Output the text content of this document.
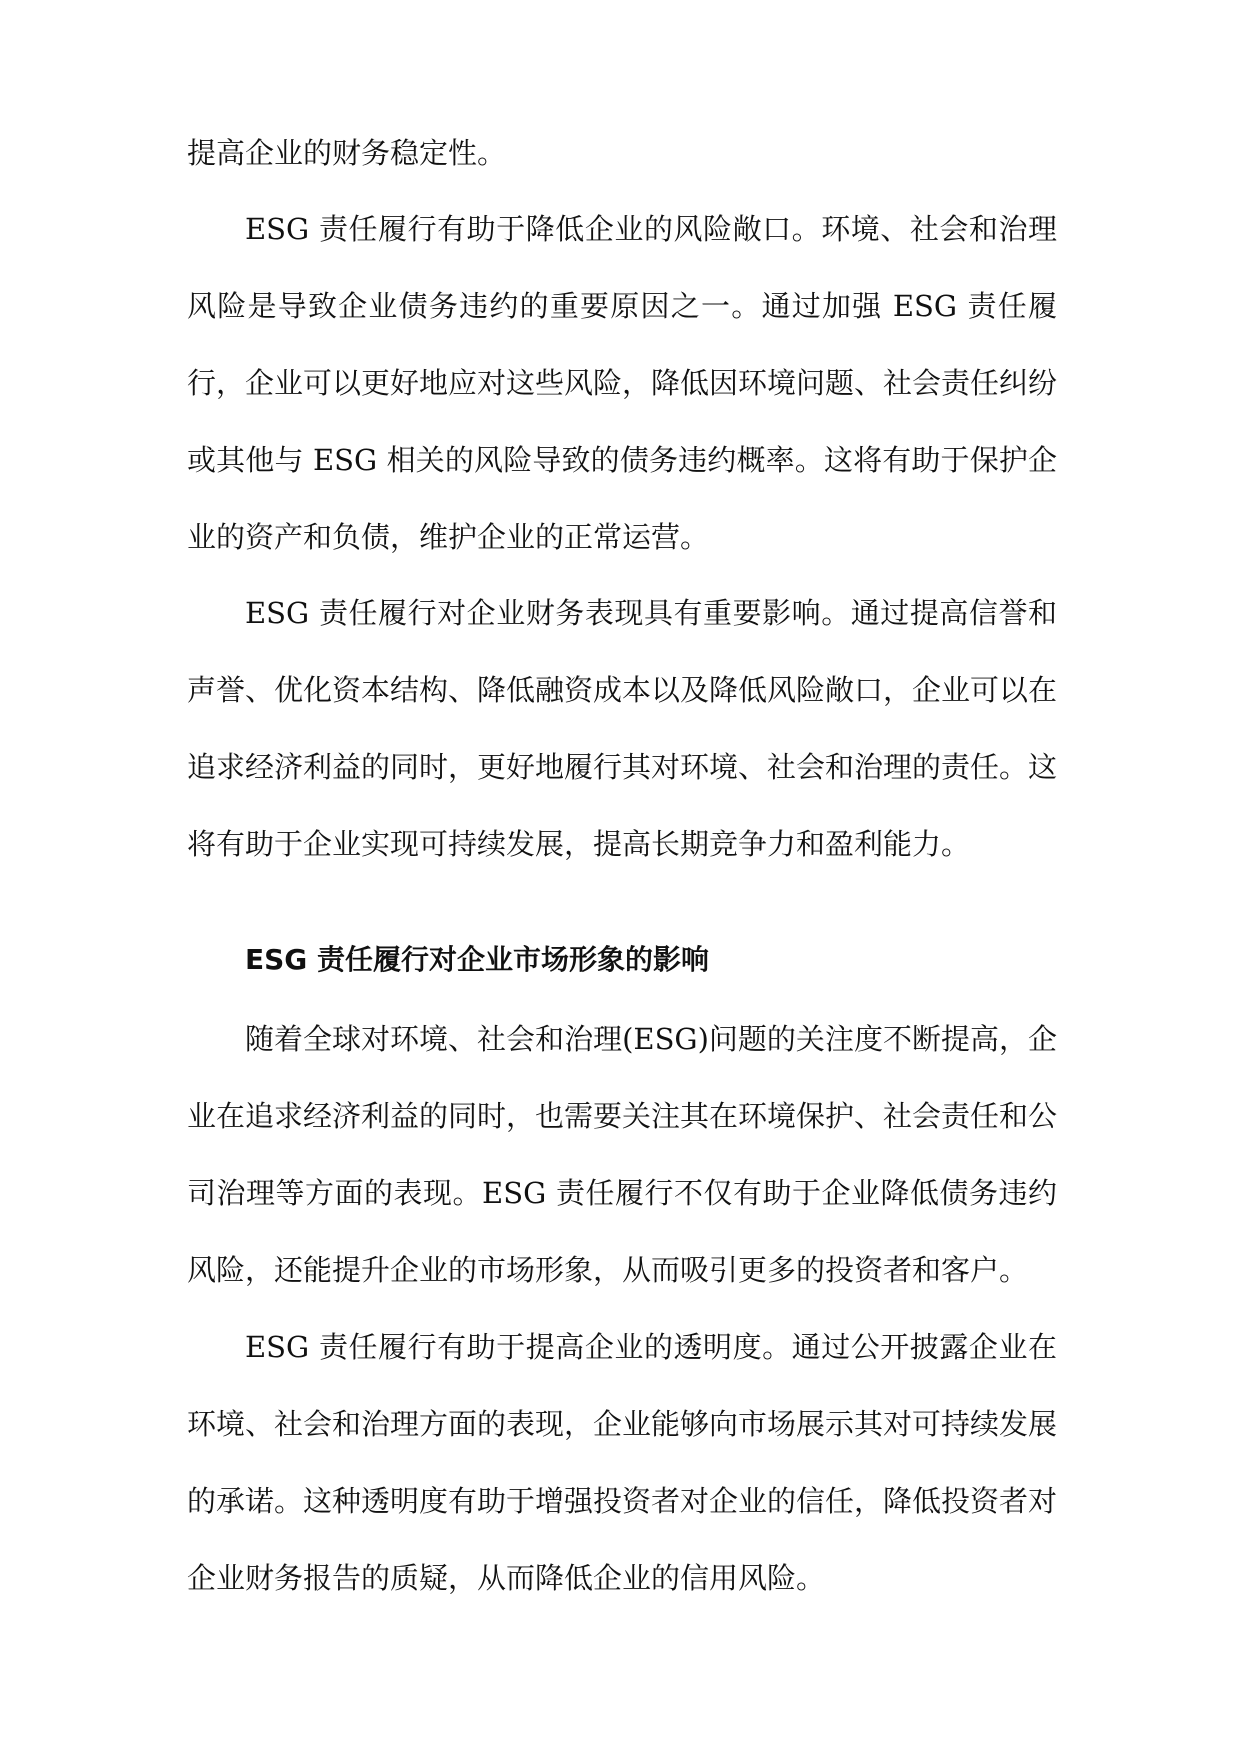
提高企业的财务稳定性。

ESG 责任履行有助于降低企业的风险敞口。环境、社会和治理风险是导致企业债务违约的重要原因之一。通过加强 ESG 责任履行，企业可以更好地应对这些风险，降低因环境问题、社会责任纠纷或其他与 ESG 相关的风险导致的债务违约概率。这将有助于保护企业的资产和负债，维护企业的正常运营。

ESG 责任履行对企业财务表现具有重要影响。通过提高信誉和声誉、优化资本结构、降低融资成本以及降低风险敞口，企业可以在追求经济利益的同时，更好地履行其对环境、社会和治理的责任。这将有助于企业实现可持续发展，提高长期竞争力和盈利能力。

ESG 责任履行对企业市场形象的影响

随着全球对环境、社会和治理(ESG)问题的关注度不断提高，企业在追求经济利益的同时，也需要关注其在环境保护、社会责任和公司治理等方面的表现。ESG 责任履行不仅有助于企业降低债务违约风险，还能提升企业的市场形象，从而吸引更多的投资者和客户。

ESG 责任履行有助于提高企业的透明度。通过公开披露企业在环境、社会和治理方面的表现，企业能够向市场展示其对可持续发展的承诺。这种透明度有助于增强投资者对企业的信任，降低投资者对企业财务报告的质疑，从而降低企业的信用风险。
